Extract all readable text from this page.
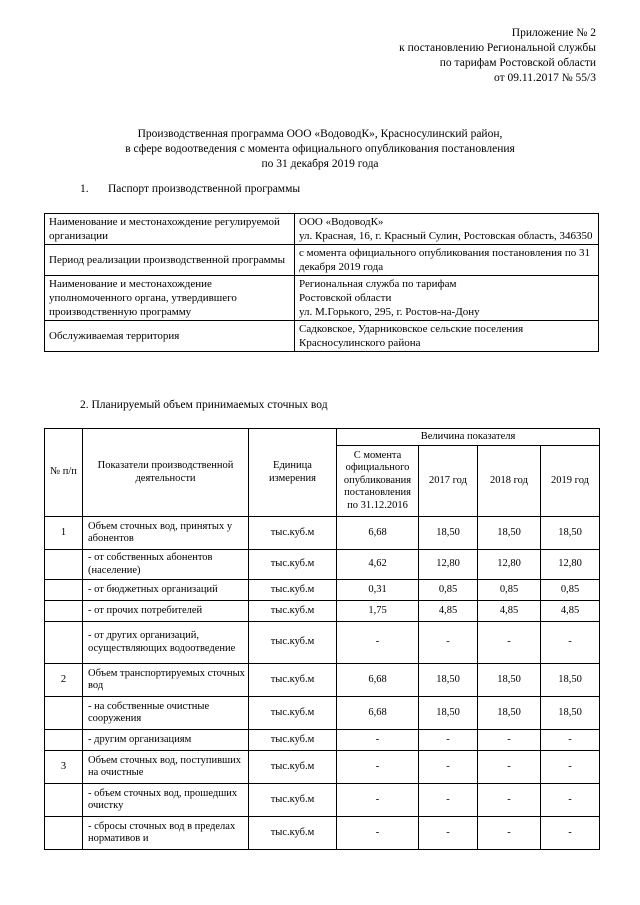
Приложение № 2
к постановлению Региональной службы
по тарифам Ростовской области
от 09.11.2017 № 55/3
Производственная программа ООО «ВодоводК», Красносулинский район,
в сфере водоотведения с момента официального опубликования постановления
по 31 декабря 2019 года
1. Паспорт производственной программы
Наименование и местонахождение регулируемой организации	ООО «ВодоводК»
ул. Красная, 16, г. Красный Сулин, Ростовская область, 346350

Период реализации производственной программы	с момента официального опубликования постановления по 31 декабря 2019 года

Наименование и местонахождение уполномоченного органа, утвердившего производственную программу	Региональная служба по тарифам
Ростовской области
ул. М.Горького, 295, г. Ростов-на-Дону

Обслуживаемая территория	Садковское, Ударниковское сельские поселения Красносулинского района
2. Планируемый объем принимаемых сточных вод
№ п/п	Показатели производственной деятельности	Единица измерения	Величина показателя			
			С момента официального опубликования постановления по 31.12.2016	2017 год	2018 год	2019 год
1	Объем сточных вод, принятых у абонентов	тыс.куб.м	6,68	18,50	18,50	18,50
	- от собственных абонентов (население)	тыс.куб.м	4,62	12,80	12,80	12,80
	- от бюджетных организаций	тыс.куб.м	0,31	0,85	0,85	0,85
	- от прочих потребителей	тыс.куб.м	1,75	4,85	4,85	4,85
	- от других организаций, осуществляющих водоотведение	тыс.куб.м	-	-	-	-
2	Объем транспортируемых сточных вод	тыс.куб.м	6,68	18,50	18,50	18,50
	- на собственные очистные сооружения	тыс.куб.м	6,68	18,50	18,50	18,50
	- другим организациям	тыс.куб.м	-	-	-	-
3	Объем сточных вод, поступивших на очистные	тыс.куб.м	-	-	-	-
	- объем сточных вод, прошедших очистку	тыс.куб.м	-	-	-	-
	- сбросы сточных вод в пределах нормативов и	тыс.куб.м	-	-	-	-
